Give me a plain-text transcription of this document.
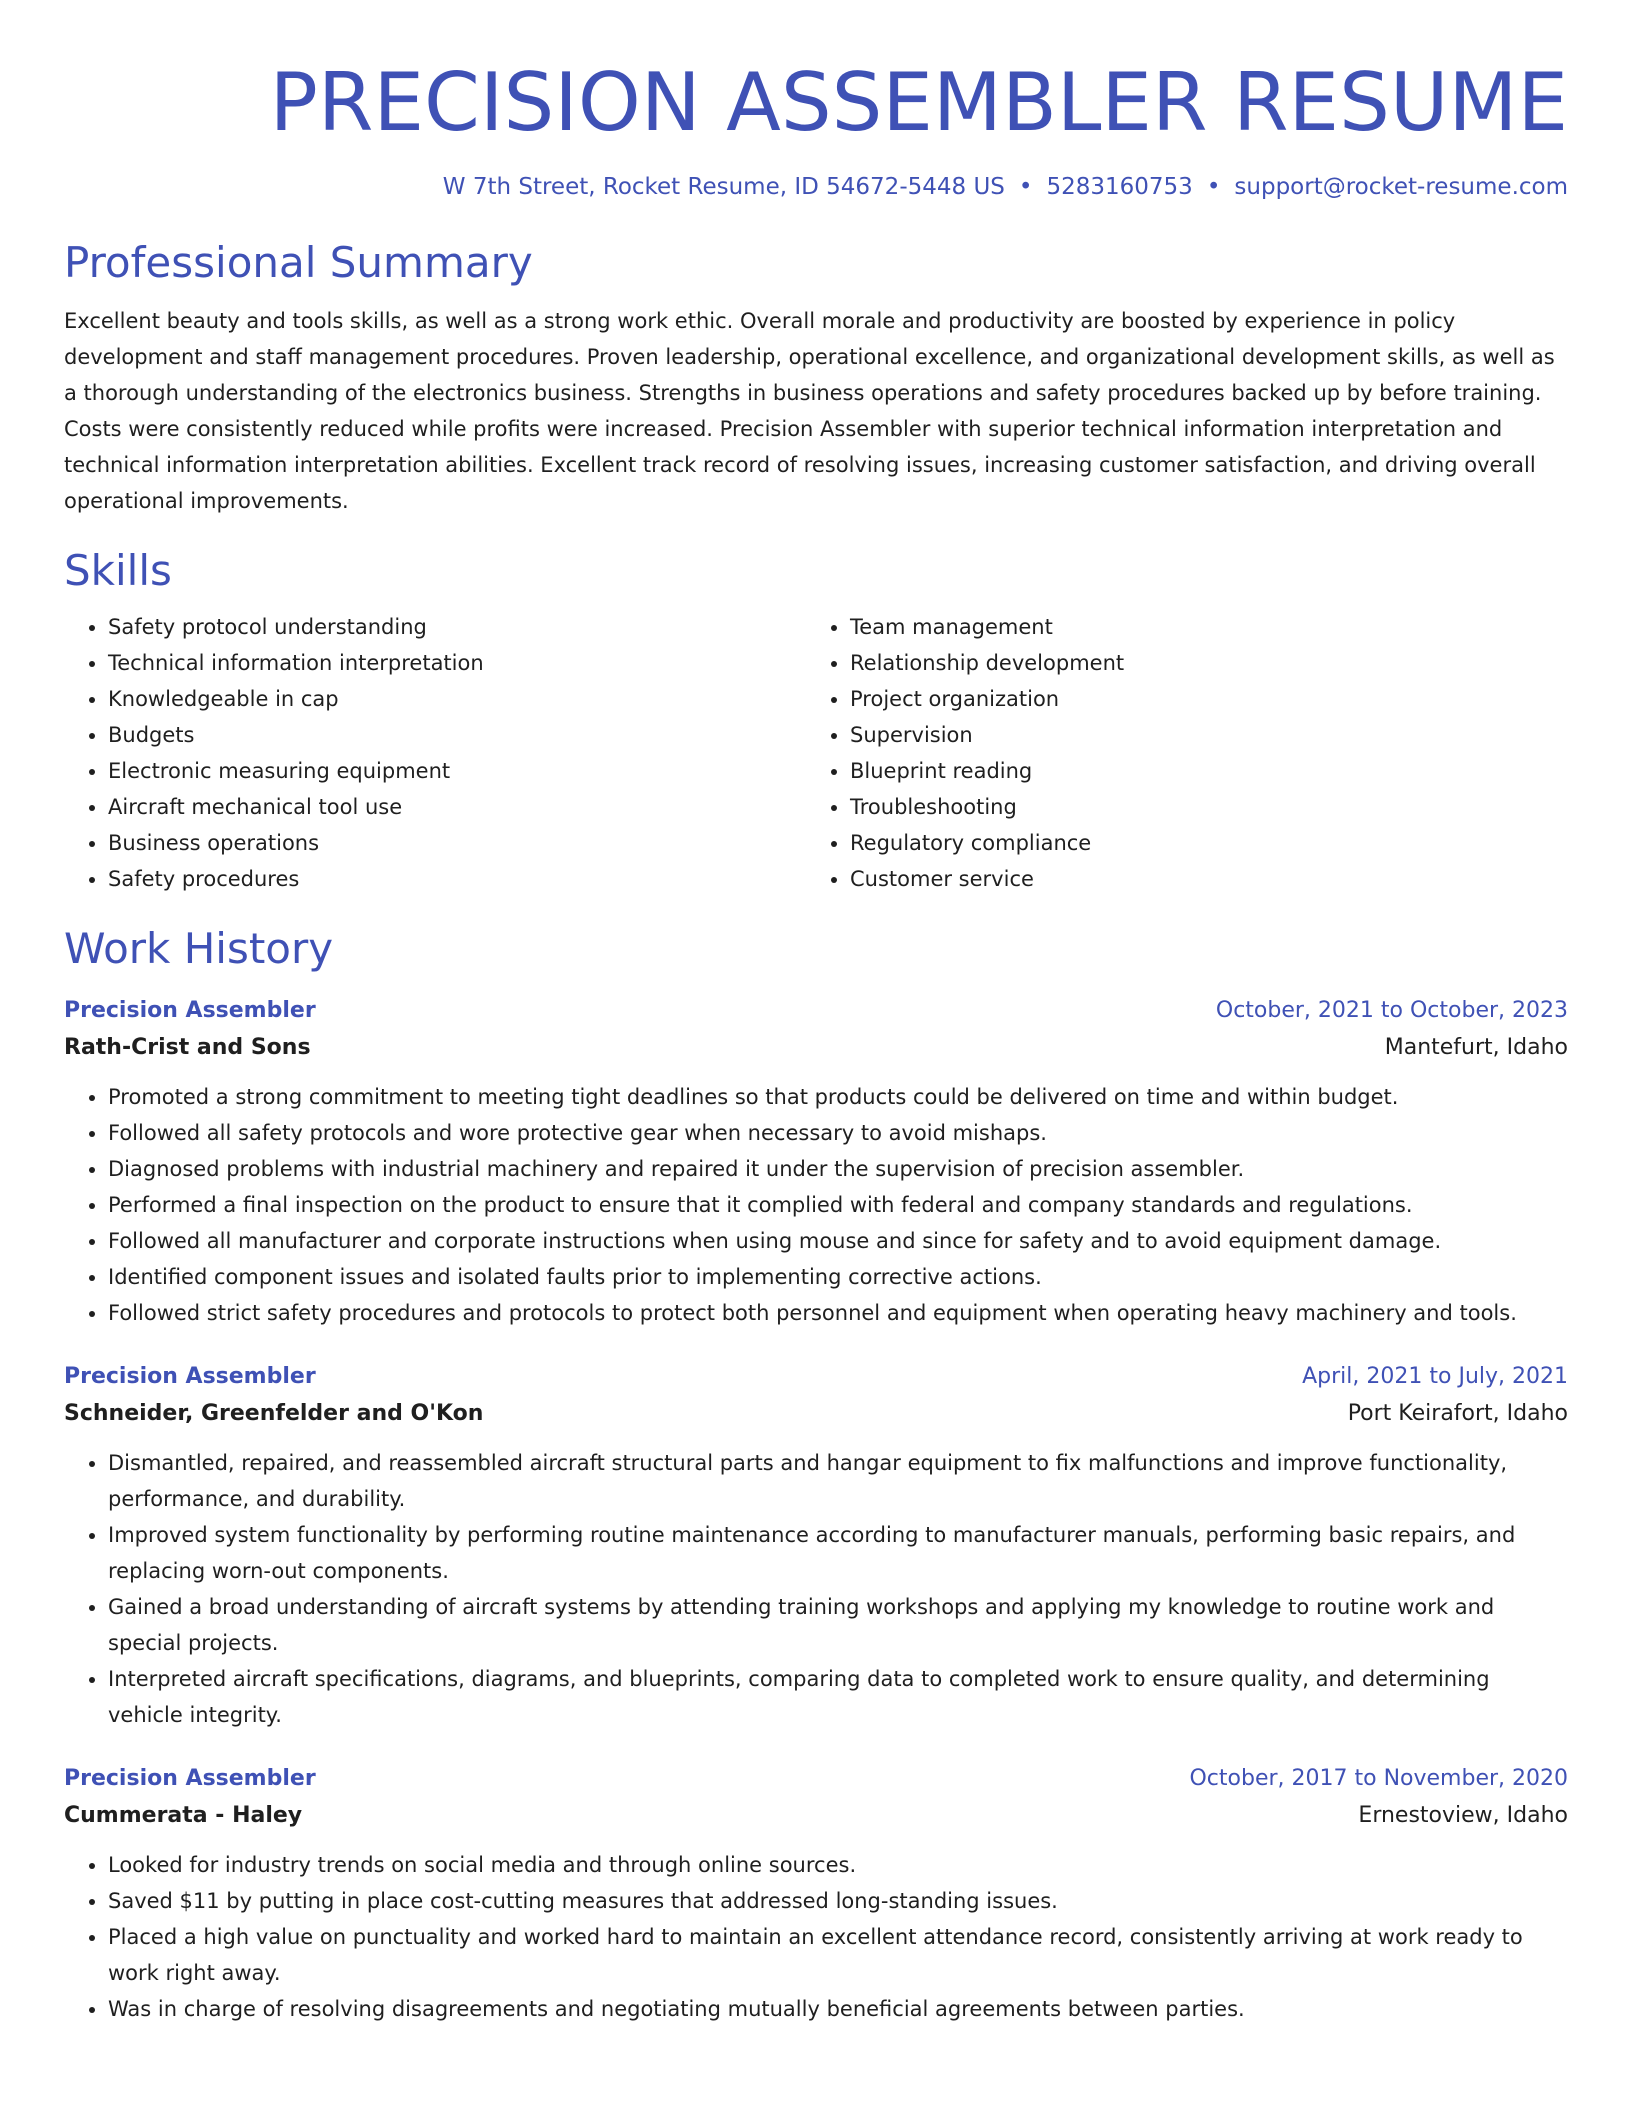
PRECISION ASSEMBLER RESUME
W 7th Street, Rocket Resume, ID 54672-5448 US • 5283160753 • support@rocket-resume.com
Professional Summary
Excellent beauty and tools skills, as well as a strong work ethic. Overall morale and productivity are boosted by experience in policy development and staff management procedures. Proven leadership, operational excellence, and organizational development skills, as well as a thorough understanding of the electronics business. Strengths in business operations and safety procedures backed up by before training. Costs were consistently reduced while profits were increased. Precision Assembler with superior technical information interpretation and technical information interpretation abilities. Excellent track record of resolving issues, increasing customer satisfaction, and driving overall operational improvements.
Skills
• Safety protocol understanding
• Technical information interpretation
• Knowledgeable in cap
• Budgets
• Electronic measuring equipment
• Aircraft mechanical tool use
• Business operations
• Safety procedures
• Team management
• Relationship development
• Project organization
• Supervision
• Blueprint reading
• Troubleshooting
• Regulatory compliance
• Customer service
Work History
Precision Assembler	October, 2021 to October, 2023
Rath-Crist and Sons	Mantefurt, Idaho
• Promoted a strong commitment to meeting tight deadlines so that products could be delivered on time and within budget.
• Followed all safety protocols and wore protective gear when necessary to avoid mishaps.
• Diagnosed problems with industrial machinery and repaired it under the supervision of precision assembler.
• Performed a final inspection on the product to ensure that it complied with federal and company standards and regulations.
• Followed all manufacturer and corporate instructions when using mouse and since for safety and to avoid equipment damage.
• Identified component issues and isolated faults prior to implementing corrective actions.
• Followed strict safety procedures and protocols to protect both personnel and equipment when operating heavy machinery and tools.
Precision Assembler	April, 2021 to July, 2021
Schneider, Greenfelder and O'Kon	Port Keirafort, Idaho
• Dismantled, repaired, and reassembled aircraft structural parts and hangar equipment to fix malfunctions and improve functionality, performance, and durability.
• Improved system functionality by performing routine maintenance according to manufacturer manuals, performing basic repairs, and replacing worn-out components.
• Gained a broad understanding of aircraft systems by attending training workshops and applying my knowledge to routine work and special projects.
• Interpreted aircraft specifications, diagrams, and blueprints, comparing data to completed work to ensure quality, and determining vehicle integrity.
Precision Assembler	October, 2017 to November, 2020
Cummerata - Haley	Ernestoview, Idaho
• Looked for industry trends on social media and through online sources.
• Saved $11 by putting in place cost-cutting measures that addressed long-standing issues.
• Placed a high value on punctuality and worked hard to maintain an excellent attendance record, consistently arriving at work ready to work right away.
• Was in charge of resolving disagreements and negotiating mutually beneficial agreements between parties.
